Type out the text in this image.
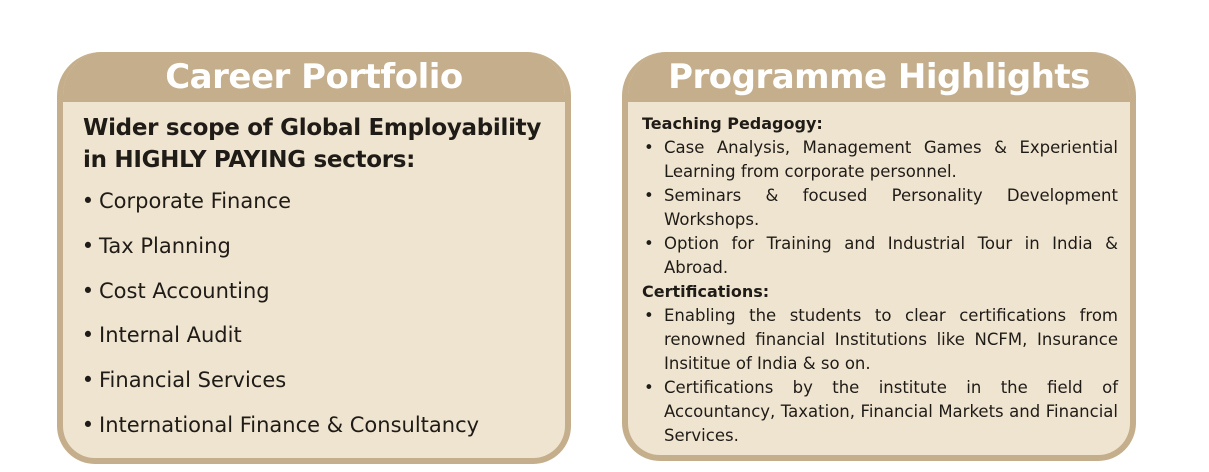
Career Portfolio

Wider scope of Global Employability
in HIGHLY PAYING sectors:

• Corporate Finance
• Tax Planning
• Cost Accounting
• Internal Audit
• Financial Services
• International Finance & Consultancy
Programme Highlights

Teaching Pedagogy:

• Case Analysis, Management Games & Experiential Learning from corporate personnel.
• Seminars & focused Personality Development Workshops.
• Option for Training and Industrial Tour in India & Abroad.

Certifications:

• Enabling the students to clear certifications from renowned financial Institutions like NCFM, Insurance Insititue of India & so on.
• Certifications by the institute in the field of Accountancy, Taxation, Financial Markets and Financial Services.
